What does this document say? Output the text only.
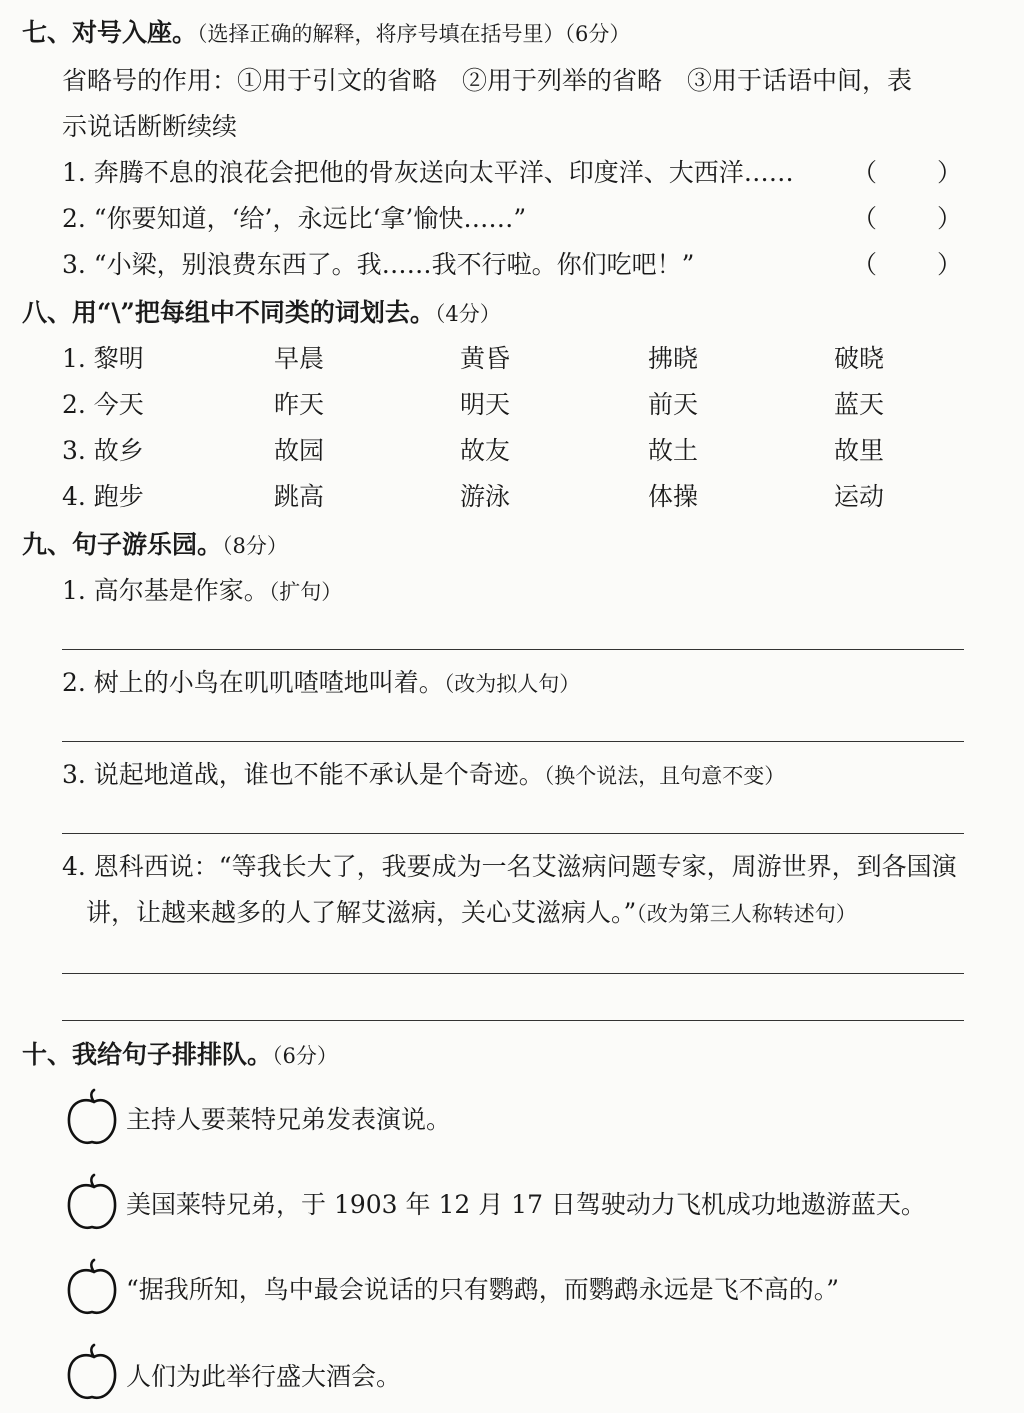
七、对号入座。（选择正确的解释，将序号填在括号里）（6分）
省略号的作用：①用于引文的省略　②用于列举的省略　③用于话语中间，表
示说话断断续续
1. 奔腾不息的浪花会把他的骨灰送向太平洋、印度洋、大西洋…… （ ）
2. “你要知道，‘给’，永远比‘拿’愉快……”	（ ）
3. “小梁，别浪费东西了。我……我不行啦。你们吃吧！”	（ ）
八、用“\”把每组中不同类的词划去。（4分）
1. 黎明	早晨	黄昏	拂晓	破晓
2. 今天	昨天	明天	前天	蓝天
3. 故乡	故园	故友	故土	故里
4. 跑步	跳高	游泳	体操	运动
九、句子游乐园。（8分）
1. 高尔基是作家。（扩句）
2. 树上的小鸟在叽叽喳喳地叫着。（改为拟人句）
3. 说起地道战，谁也不能不承认是个奇迹。（换个说法，且句意不变）
4. 恩科西说：“等我长大了，我要成为一名艾滋病问题专家，周游世界，到各国演
讲，让越来越多的人了解艾滋病，关心艾滋病人。”（改为第三人称转述句）
十、我给句子排排队。（6分）
主持人要莱特兄弟发表演说。
美国莱特兄弟，于 1903 年 12 月 17 日驾驶动力飞机成功地遨游蓝天。
“据我所知，鸟中最会说话的只有鹦鹉，而鹦鹉永远是飞不高的。”
人们为此举行盛大酒会。
